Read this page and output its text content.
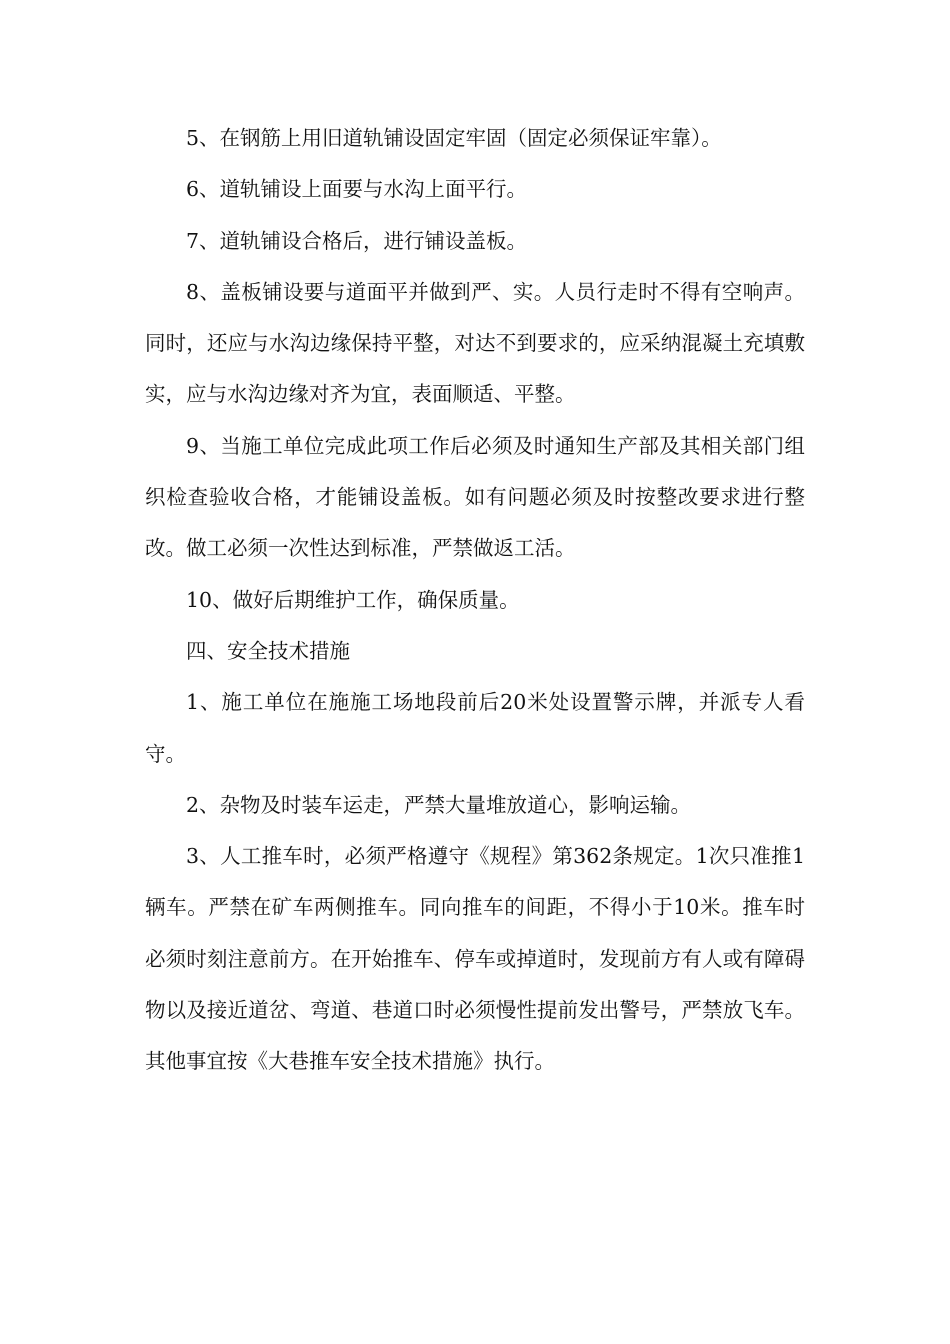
5、在钢筋上用旧道轨铺设固定牢固（固定必须保证牢靠）。

6、道轨铺设上面要与水沟上面平行。

7、道轨铺设合格后，进行铺设盖板。

8、盖板铺设要与道面平并做到严、实。人员行走时不得有空响声。同时，还应与水沟边缘保持平整，对达不到要求的，应采纳混凝土充填敷实，应与水沟边缘对齐为宜，表面顺适、平整。

9、当施工单位完成此项工作后必须及时通知生产部及其相关部门组织检查验收合格，才能铺设盖板。如有问题必须及时按整改要求进行整改。做工必须一次性达到标准，严禁做返工活。

10、做好后期维护工作，确保质量。

四、安全技术措施

1、施工单位在施施工场地段前后20米处设置警示牌，并派专人看守。

2、杂物及时装车运走，严禁大量堆放道心，影响运输。

3、人工推车时，必须严格遵守《规程》第362条规定。1次只准推1辆车。严禁在矿车两侧推车。同向推车的间距，不得小于10米。推车时必须时刻注意前方。在开始推车、停车或掉道时，发现前方有人或有障碍物以及接近道岔、弯道、巷道口时必须慢性提前发出警号，严禁放飞车。其他事宜按《大巷推车安全技术措施》执行。
